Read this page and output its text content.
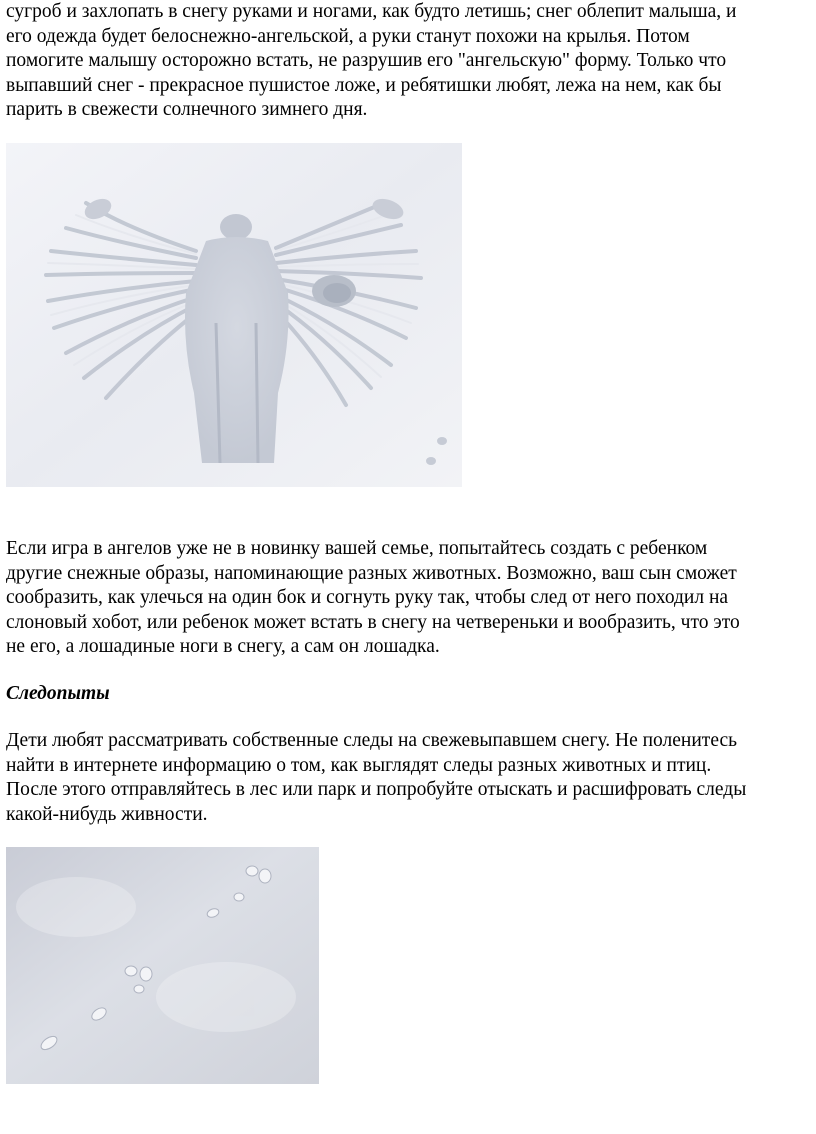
сугроб и захлопать в снегу руками и ногами, как будто летишь; снег облепит малыша, и
его одежда будет белоснежно-ангельской, а руки станут похожи на крылья. Потом
помогите малышу осторожно встать, не разрушив его "ангельскую" форму. Только что
выпавший снег - прекрасное пушистое ложе, и ребятишки любят, лежа на нем, как бы
парить в свежести солнечного зимнего дня.
Если игра в ангелов уже не в новинку вашей семье, попытайтесь создать с ребенком
другие снежные образы, напоминающие разных животных. Возможно, ваш сын сможет
сообразить, как улечься на один бок и согнуть руку так, чтобы след от него походил на
слоновый хобот, или ребенок может встать в снегу на четвереньки и вообразить, что это
не его, а лошадиные ноги в снегу, а сам он лошадка.
Следопыты
Дети любят рассматривать собственные следы на свежевыпавшем снегу. Не поленитесь
найти в интернете информацию о том, как выглядят следы разных животных и птиц.
После этого отправляйтесь в лес или парк и попробуйте отыскать и расшифровать следы
какой-нибудь живности.
